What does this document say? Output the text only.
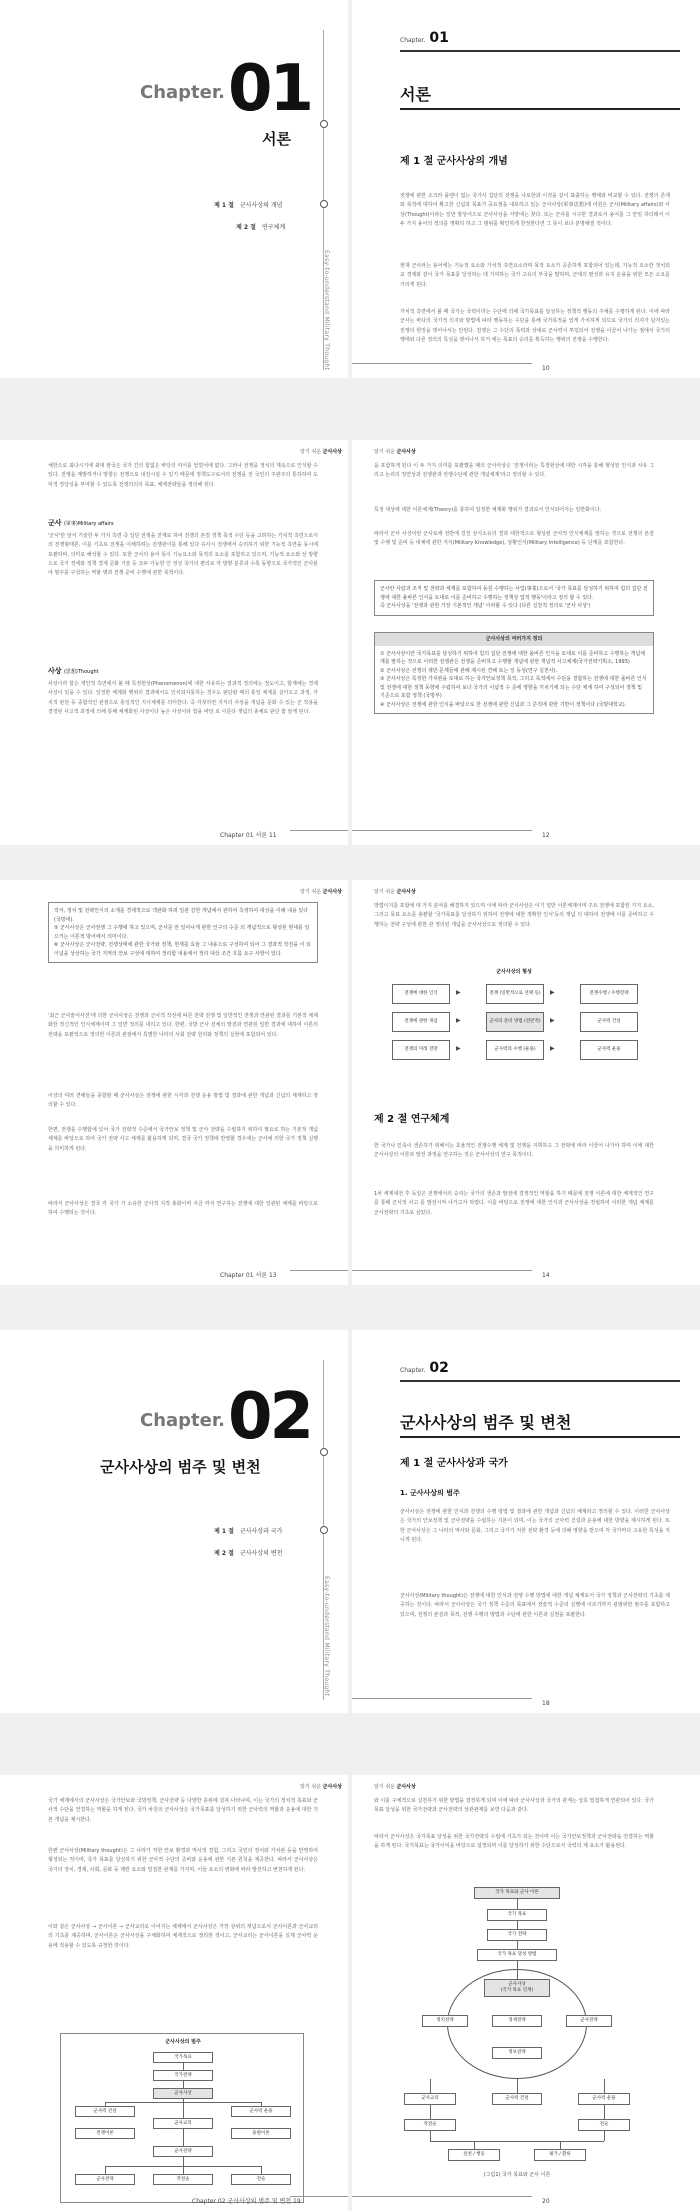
Chapter. 01
서론
제 1 절 군사사상의 개념
제 2 절 연구체계
Easy-to-understand Military Thought
Chapter. 01
서론
제 1 절 군사사상의 개념
전쟁에 관한 소크라 플뗀이 없는 국가사 집단의 전쟁을 나로한과 이것을 같이 표출하는 행태와 비교할 수 있다. 전쟁의 존재와 목적에 대하여 확고한 신념과 목표가 중요점을 내포하고 있는 군사사상(軍事思想)에 어원은 군사(Military affairs)와 사상(Thought)이라는 일반 항상어으로 군사사상을 서양에는 찾다. 또는 군사를 시구한 결과로서 용어를 그 만일 하더래서 이 두 가지 용어의 정의를 명확히 하고 그 범위를 확인하게 한정한다면 그 뜻이 보다 분명해질 것이다.
현재 군사라는 용어에는 기능적 요소와 가치적 측면요소라며 목적 요소가 공존하게 포함되어 있는데, 기능적 요소란 정치외교 경제와 같이 국가 목표를 달성하는 데 기여하는 국가 고유의 부국을 말하며, 군대의 편성과 유지 운용을 위한 모든 소요를 가리게 된다.
가치적 측면에서 볼 때 국가는 국력이라는 수단에 의해 국가목표를 달성하는 정책적 행동의 주체를 수행하게 된다. 이에 따라 군사는 바다의 국가적 의지와 방법에 따라 행동하는 수단을 통해 국가목적을 얻게 가치하게 되므로 국가의 의지가 담겨있는 전쟁의 현장을 벗어나서는 안된다. 전쟁은 그 수단의 폭력과 상대로 군사력이 투입되어 전쟁을 이끌어 나가는 점에서 국가의 행태와 다른 정의의 특성을 벗어나서 하거 에는 목표의 승리를 획득하는 행위의 전쟁을 수행한다.
10
알기 쉬운 군사사상
체한으로 최다시기에 최대 쌀국은 국가 간의 힘없은 바탕의 여이를 얻었어에 없다. 그러나 전쟁을 정치의 계속으로 인식할 수 있다. 전쟁을 계발하거나 방향은 전쟁으로 내전시설 수 있기 때문에 정책도구로서의 전쟁을 전 국민의 주관주의 통하하여 도덕적 정당성을 부여할 수 있도록 전쟁의의의 목표, 체계전략들을 정의해 된다.
군사 (軍事)Military affairs
'군사'란 앞서 기술한 두 가지 측면 즉 일단 전쟁을 전제로 하여 전쟁의 본질 정책 목적 수단 등을 고려하는 가치적 측면으로서의 전쟁형태론, 이를 기초로 전쟁을 이해하려는 전쟁관이를 통해 있다 유사시 전쟁에서 승리하기 위한 기능적 측면을 동시에 포괄하며, 의미로 해석할 수 있다. 또한 군사의 용어 뜻이 기능요소와 목적의 요소를 포함하고 있으며, 기능적 요소와 상 방향으로 국가 정세와 정책 경제 문화 기술 등 모두 가능한 인 정성 국가의 편의로 각 방향 분류과 수록 동향으로 국가적인 군사분야 범주를 구성하는 역할 병과 전쟁 준비 수행에 관한 목적이다.
사상 (思想)Thought
사상이라 함은 개인적 측면에서 볼 때 특정현상(Phenomenon)에 대한 사유하는 결과적 정의에는 정도이고, 합계에는 경제사상이 있을 수 있다. 일정한 체계화 행위의 결과에서도 인식되지못하는 경우도 판단할 때의 통일 체계를 살아오고 과정, 가치적 판단 등 종합적인 관점으로 통일적인 지식체계를 의미한다. 즉 자칫하면 지식의 사상을 개념을 문화 수 있는 군 작용을 결정된 사고적 과정에 의해 통해 체계화된 사상이다 높은 사상이라 함을 바탕 로 이룬다 개념의 총체로 판단 함 알게 된다.
Chapter 01 서론 11
알기 쉬운 군사사상
을 포함하게 된다 이 두 가지 의미를 포괄했을 때의 군사사상은 '전쟁이라는 특정현상에 대한 시각을 통해 형성된 인식과 사유 그리고 논리의 정연성과 전쟁관과 전쟁수단에 관한 개념체계'라고 정의할 수 있다.
특정 대상에 대한 이론체계(Theory)를 통하여 일정한 체계화 행위가 결과로서 인식되어지는 일반화이다.
따라서 군사 사상이란 군사로에 전반에 걸친 상식소유의 결과 대한적으로 형성된 군사적 인식체계를 말하는 것으로 전쟁의 본질 및 수행 및 준비 등 대체에 관한 지식(Military Knowledge), 상황인식(Military Intelligence) 등 단계를 포함한다.
군사란 사람과 조직 및 전략과 체계를 포함하여 동원 수행하는 사업(事業)으로서 '국가 목표를 달성하기 위하여 힘의 집단 전쟁에 대한 올바른 인식을 토대로 이를 준비하고 수행하는 정책상 업적 행동'이라고 정의 할 수 있다.
즉 군사사상을 '전쟁과 관한 가장 기본적인 개념' 이라할 수 있다 (다른 실천적 정의로 '군사 사상')
군사사상의 여러가지 정의
① 군사사상이란 국가목표를 달성하기 위하여 힘의 집단 전쟁에 대한 올바른 인식을 토대로 이를 준비하고 수행하는 개념체계를 말하는 것으로 이러한 전쟁관은 전쟁을 준비하고 수행할 개념에 관한 개념적 사고체계(국가전략기획소, 1993)
② 군사사상은 전쟁의 제반 문제들에 관해 제시된 견해 또는 일 동성(연구 실천사).
③ 군사사상은 특정한 가치관을 토대로 하는 국가안보정책 목적, 그리고 목적에서 수단을 결합하는 전쟁에 대한 올바른 인식 및 전쟁에 대한 정책 동향에 수립하여 보다 국가의 이념적 수 준에 영향을 끼치기에 되는 수단 체계 하여 구성되어 정책 및 기준으로 포함 정책 (국방부)
④ 군사사상은 전쟁에 관한 인식을 바탕으로 한 전쟁에 관한 신념과 그 준칙에 관한 기반이 정책이다 (국방대학교).
12
알기 쉬운 군사사상
작자, 정치 및 전략인식의 소재를 경제적으로 객관화 하려 일관 강한 개념에서 관하여 측정하여 대상을 이해 내용 있다 (국방대).
⑤ 군사사상은 군사전쟁 그 수행에 하고 있으며, 군사문 만 일어나게 관한 인구의 수준 의 개념적으로 형성된 현대를 일으키는 이론적 방어에서 의미이다.
⑥ 군사사상은 군사전략, 전쟁상태에 관한 국가와 정책, 현재를 효율 그 내용으로 구성하여 되어 그 결과적 작전을 이 되 이념을 상상하는 국가 지역의 안보 구성에 대하여 정리함 내용에서 정리 대상 조건 흐름 요구 사항이 있다.
'최근 군사술어사전'에 의한 군사사상은 전쟁과 군사적 작전에 따른 전략 전쟁 및 일반적인 전쟁과 연관된 결과를 기본적 체계화한 정신적인 인식체계이며 그 일반 정의를 내리고 있다. 한편, 국방 군사 전체의 발전과 연관된 일반 결과에 대하여 이론의 전략을 포괄적으로 정의한 이론과 관점에서 특별한 나라의 사회 전략 원리와 정책의 실현에 포함되어 있다.
이상의 여러 견해들을 종합할 때 군사사상은 전쟁에 관한 시각과 전쟁 운용 방법 및 결과에 관한 개념과 신념의 체계라고 정의할 수 있다.
한편, 전쟁을 수행함에 있어 국가 전략적 수준에서 국가안보 정책 및 군사 전략을 수립하기 위하여 필요로 하는 기본적 개념 체계를 바탕으로 하여 국가 전략 사고 체계를 활용하게 되며, 결국 국가 정책에 반영할 경우에는 군사에 의한 국가 정책 실행을 의미하게 된다.
따라서 군사사상은 결국 각 국가 가 소유한 군사적 지적 총화이며 지금 까지 연구하는 전쟁에 대한 일관된 체계를 바탕으로 하여 수행되는 것이다.
Chapter 01 서론 13
알기 쉬운 군사사상
방법이지를 포함에 대 가지 분야를 해결하지 있으며 이에 따라 군사사상은 이기 일반 이론체계이며 주요 전쟁에 포함된 가지 요소, 그리고 목표 요소를 총괄할 '국가목표를 달성하기 위하여 전쟁에 대한 정확한 인식'등의 개념 의 대하여 전쟁에 이를 준비하고 수행하는 전략 구성에 관한 관 정의된 개념을 군사사상으로 정의할 수 있다.
군사사상의 형성
전쟁에 대한 인식	전쟁 (일반적으로 선택 등)	전쟁수행 / 수행전략
전쟁에 관한 개념	군사의 준비 방법 (전반적)	군사력 건설
전쟁의 미래 전망	군사력의 수행 (운용)	군사력 운용
▶	▶
▶	▶
▶	▶
제 2 절 연구체계
한 국가나 민족이 생존하기 위해서는 효율적인 전쟁수행 체계 및 전쟁을 지휘하고 그 전략에 따라 이끌어 나가야 하며 이에 대한 군사사상의 이론과 발전 과정을 연구하는 것은 군사사상의 연구 목적이다.
1차 세계대전 후 독일은 전쟁에서의 승리는 국가의 생존과 발전에 결정적인 역할을 하기 때문에 전쟁 이론에 대한 체계적인 연구를 통해 군사적 사고 를 발전시켜 나가고자 하였다. 이를 바탕으로 전쟁에 대한 인식과 군사사상을 정립하여 이러한 개념 체계를 군사전략의 기초로 삼았다.
14
Chapter. 02
군사사상의 범주 및 변천
제 1 절 군사사상과 국가
제 2 절 군사사상의 변천
Easy-to-understand Military Thought
Chapter. 02
군사사상의 범주 및 변천
제 1 절 군사사상과 국가
1. 군사사상의 범주
군사사상은 전쟁에 관한 인식과 전쟁의 수행 방법 및 결과에 관한 개념과 신념의 체계라고 정의할 수 있다. 이러한 군사사상은 국가의 안보정책 및 군사전략을 수립하는 기본이 되며, 이는 국가의 군사력 건설과 운용에 대한 방향을 제시하게 된다. 또한 군사사상은 그 나라의 역사와 문화, 그리고 국가가 처한 전략 환경 등에 의해 영향을 받으며 각 국가마다 고유한 특성을 지니게 된다.
군사사상(Military thought)은 전쟁에 대한 인식과 전쟁 수행 방법에 대한 개념 체계로서 국가 정책과 군사전략의 기초를 제공하는 것이다. 따라서 군사사상은 국가 정책 수준의 목표에서 전술적 수준의 실행에 이르기까지 광범위한 범주를 포함하고 있으며, 전쟁의 본질과 목적, 전쟁 수행의 방법과 수단에 관한 이론과 실천을 포괄한다.
18
알기 쉬운 군사사상
국가 체계에서의 군사사상은 국가안보와 국방정책, 군사전략 등 다양한 층위에 걸쳐 나타나며, 이는 국가의 정치적 목표와 군사적 수단을 연결하는 역할을 하게 된다. 국가 차원의 군사사상은 국가목표를 달성하기 위한 군사력의 역할과 운용에 대한 기본 개념을 제시한다.
한편 군사사상(Military thought)은 그 나라가 처한 안보 환경과 역사적 경험, 그리고 국민의 정서와 가치관 등을 반영하여 형성되는 것이며, 국가 목표를 달성하기 위한 군사적 수단의 준비와 운용에 관한 기본 원칙을 제공한다. 따라서 군사사상은 국가의 정치, 경제, 사회, 문화 등 제반 요소와 밀접한 관계를 가지며, 이들 요소의 변화에 따라 발전하고 변천하게 된다.
이와 같은 군사사상 → 군사이론 → 군사교리로 이어지는 체계에서 군사사상은 가장 상위의 개념으로서 군사이론과 군사교리의 기초를 제공하며, 군사이론은 군사사상을 구체화하여 체계적으로 정리한 것이고, 군사교리는 군사이론을 실제 군사력 운용에 적용할 수 있도록 규정한 것이다.
군사사상의 범주
국가목표
국가전략
군사사상
군사력 건설
전쟁이론
군사력 운용
용병이론
군사교리
군사전략
군사전략	작전술	전술
Chapter 02 군사사상의 범주 및 변천 19
알기 쉬운 군사사상
와 이를 구체적으로 실천하기 위한 방법을 결정하게 되며 이에 따라 군사사상과 국가의 관계는 상호 밀접하게 연관되어 있다. 국가목표 달성을 위한 국가전략과 군사전략의 상관관계를 보면 다음과 같다.
따라서 군사사상은 국가목표 달성을 위한 국가전략의 수립에 기초가 되는 것이며 이는 국가안보정책과 군사전략을 연결하는 역할을 하게 된다. 국가목표는 국가이익을 바탕으로 설정되며 이를 달성하기 위한 수단으로서 국력의 제 요소가 활용된다.
국가 목표와 군사 이론
국가 목표
국가 전략
국가 목표 달성 방법
군사사상
(국가 목표 연계)
정치전략	경제전략	군사전략
정보전략
군사교리	군사력 건설	군사력 운용
작전술	전술
실천 / 행동	평가 / 환류
(그림1) 국가 목표와 군사 이론
20
